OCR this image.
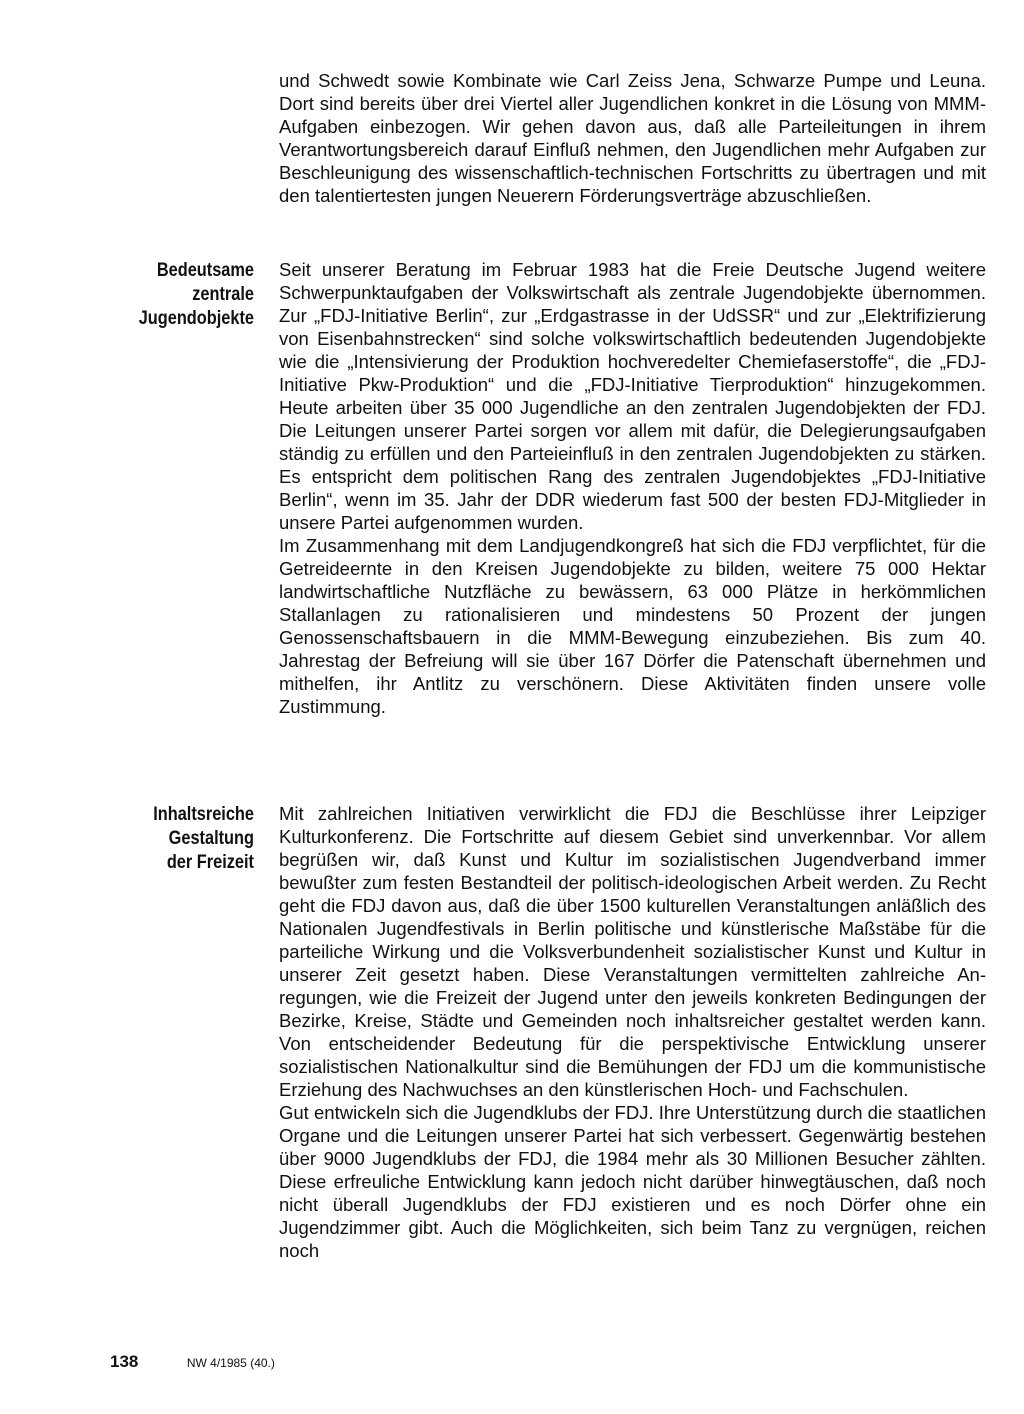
und Schwedt sowie Kombinate wie Carl Zeiss Jena, Schwarze Pumpe und Leuna. Dort sind bereits über drei Viertel aller Jugendlichen konkret in die Lösung von MMM-Aufgaben einbezogen. Wir gehen davon aus, daß alle Parteileitungen in ihrem Verantwortungsbereich darauf Einfluß nehmen, den Jugendlichen mehr Aufgaben zur Beschleunigung des wissenschaftlich-technischen Fortschritts zu übertragen und mit den talentiertesten jungen Neuerern Förderungsverträge abzuschließen.

Bedeutsame
zentrale
Jugendobjekte

Seit unserer Beratung im Februar 1983 hat die Freie Deutsche Jugend weitere Schwerpunktaufgaben der Volkswirtschaft als zentrale Jugendobjekte übernommen. Zur „FDJ-Initiative Berlin“, zur „Erdgastrasse in der UdSSR“ und zur „Elektrifizierung von Eisenbahnstrecken“ sind solche volkswirtschaftlich bedeutenden Jugendobjekte wie die „Intensivierung der Produktion hochveredelter Chemiefaserstoffe“, die „FDJ-Initiative Pkw-Produktion“ und die „FDJ-Initiative Tierproduktion“ hinzugekommen. Heute arbeiten über 35 000 Jugendliche an den zentralen Jugendobjekten der FDJ. Die Leitungen unserer Partei sorgen vor allem mit dafür, die Delegierungsaufgaben ständig zu erfüllen und den Parteieinfluß in den zentralen Jugendobjekten zu stärken. Es entspricht dem politischen Rang des zentralen Jugendobjektes „FDJ-Initiative Berlin“, wenn im 35. Jahr der DDR wiederum fast 500 der besten FDJ-Mitglieder in unsere Partei aufgenommen wurden.

Im Zusammenhang mit dem Landjugendkongreß hat sich die FDJ verpflichtet, für die Getreideernte in den Kreisen Jugendobjekte zu bilden, weitere 75 000 Hektar landwirtschaftliche Nutzfläche zu bewässern, 63 000 Plätze in herkömmlichen Stallanlagen zu rationalisieren und mindestens 50 Prozent der jungen Genossenschaftsbauern in die MMM-Bewegung einzubeziehen. Bis zum 40. Jahrestag der Befreiung will sie über 167 Dörfer die Patenschaft übernehmen und mithelfen, ihr Antlitz zu verschönern. Diese Aktivitäten finden unsere volle Zustimmung.

Inhaltsreiche
Gestaltung
der Freizeit

Mit zahlreichen Initiativen verwirklicht die FDJ die Beschlüsse ihrer Leipziger Kulturkonferenz. Die Fortschritte auf diesem Gebiet sind unverkennbar. Vor allem begrüßen wir, daß Kunst und Kultur im sozialistischen Jugendverband immer bewußter zum festen Bestandteil der politisch-ideologischen Arbeit werden. Zu Recht geht die FDJ davon aus, daß die über 1500 kulturellen Veranstaltungen anläßlich des Nationalen Jugendfestivals in Berlin politische und künstlerische Maßstäbe für die parteiliche Wirkung und die Volksverbundenheit sozialistischer Kunst und Kultur in unserer Zeit gesetzt haben. Diese Veranstaltungen vermittelten zahlreiche Anregungen, wie die Freizeit der Jugend unter den jeweils konkreten Bedingungen der Bezirke, Kreise, Städte und Gemeinden noch inhaltsreicher gestaltet werden kann. Von entscheidender Bedeutung für die perspektivische Entwicklung unserer sozialistischen Nationalkultur sind die Bemühungen der FDJ um die kommunistische Erziehung des Nachwuchses an den künstlerischen Hoch- und Fachschulen.

Gut entwickeln sich die Jugendklubs der FDJ. Ihre Unterstützung durch die staatlichen Organe und die Leitungen unserer Partei hat sich verbessert. Gegenwärtig bestehen über 9000 Jugendklubs der FDJ, die 1984 mehr als 30 Millionen Besucher zählten. Diese erfreuliche Entwicklung kann jedoch nicht darüber hinwegtäuschen, daß noch nicht überall Jugendklubs der FDJ existieren und es noch Dörfer ohne ein Jugendzimmer gibt. Auch die Möglichkeiten, sich beim Tanz zu vergnügen, reichen noch

138	NW 4/1985 (40.)
